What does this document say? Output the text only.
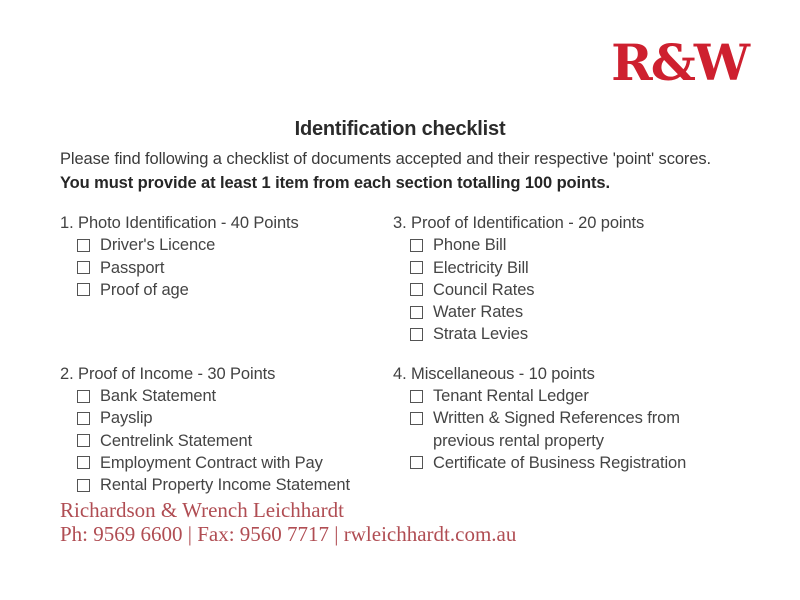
R&W
Identification checklist
Please find following a checklist of documents accepted and their respective 'point' scores.
You must provide at least 1 item from each section totalling 100 points.
1. Photo Identification - 40 Points
Driver's Licence
Passport
Proof of age
3. Proof of Identification - 20 points
Phone Bill
Electricity Bill
Council Rates
Water Rates
Strata Levies
2. Proof of Income - 30 Points
Bank Statement
Payslip
Centrelink Statement
Employment Contract with Pay
Rental Property Income Statement
4. Miscellaneous - 10 points
Tenant Rental Ledger
Written & Signed References from previous rental property
Certificate of Business Registration
Richardson & Wrench Leichhardt
Ph: 9569 6600 | Fax: 9560 7717 | rwleichhardt.com.au
